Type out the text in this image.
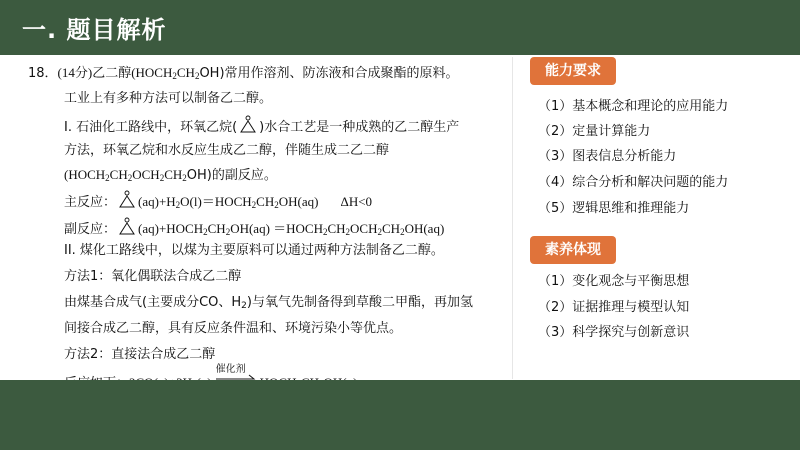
一. 题目解析
18．(14分)乙二醇$(HOCH_2CH_2OH)$常用作溶剂、防冻液和合成聚酯的原料。
工业上有多种方法可以制备乙二醇。
I. 石油化工路线中，环氧乙烷( )水合工艺是一种成熟的乙二醇生产
方法，环氧乙烷和水反应生成乙二醇，伴随生成二乙二醇
$(HOCH_2CH_2OCH_2CH_2OH)$的副反应。
主反应： $(aq)+H_2O(l)=HOCH_2CH_2OH(aq)$ ΔH<0
副反应： $(aq)+HOCH_2CH_2OH(aq)$ $=HOCH_2CH_2OCH_2CH_2OH(aq)$
II. 煤化工路线中，以煤为主要原料可以通过两种方法制备乙二醇。
方法1：氧化偶联法合成乙二醇
由煤基合成气(主要成分CO、$H_2$)与氧气先制备得到草酸二甲酯，再加氢
间接合成乙二醇，具有反应条件温和、环境污染小等优点。
方法2：直接法合成乙二醇
催化剂
能力要求
（1）基本概念和理论的应用能力
（2）定量计算能力
（3）图表信息分析能力
（4）综合分析和解决问题的能力
（5）逻辑思维和推理能力
素养体现
（1）变化观念与平衡思想
（2）证据推理与模型认知
（3）科学探究与创新意识
